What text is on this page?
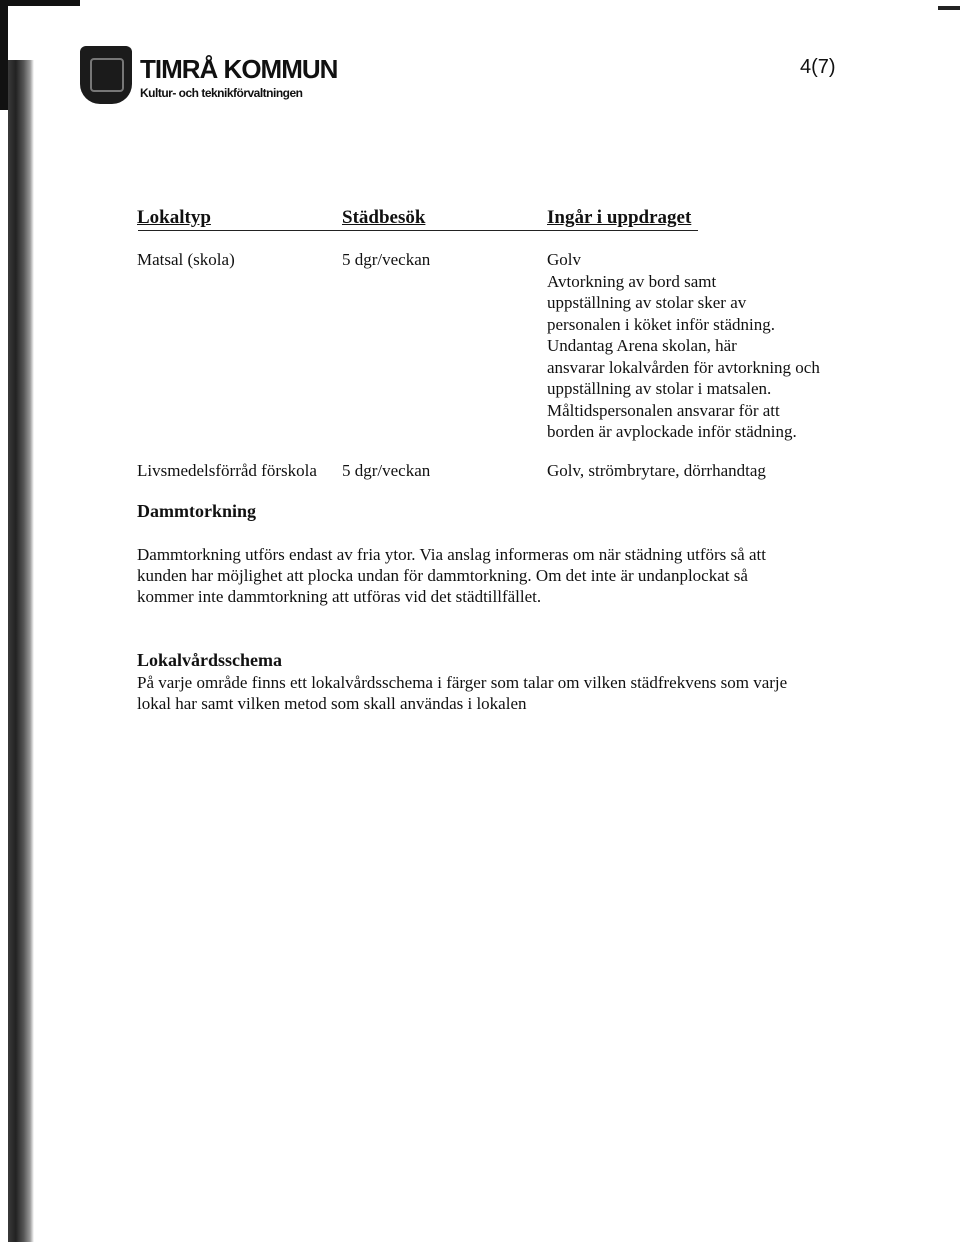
TIMRÅ KOMMUN

Kultur- och teknikförvaltningen

4(7)
Lokaltyp	Städbesök	Ingår i uppdraget
Matsal (skola)	5 dgr/veckan	Golv
Avtorkning av bord samt
uppställning av stolar sker av
personalen i köket inför städning.
Undantag Arena skolan, här
ansvarar lokalvården för avtorkning och
uppställning av stolar i matsalen.
Måltidspersonalen ansvarar för att
borden är avplockade inför städning.
Livsmedelsförråd förskola 5 dgr/veckan	Golv, strömbrytare, dörrhandtag
Dammtorkning
Dammtorkning utförs endast av fria ytor. Via anslag informeras om när städning utförs så att
kunden har möjlighet att plocka undan för dammtorkning. Om det inte är undanplockat så
kommer inte dammtorkning att utföras vid det städtillfället.
Lokalvårdsschema
På varje område finns ett lokalvårdsschema i färger som talar om vilken städfrekvens som varje
lokal har samt vilken metod som skall användas i lokalen
